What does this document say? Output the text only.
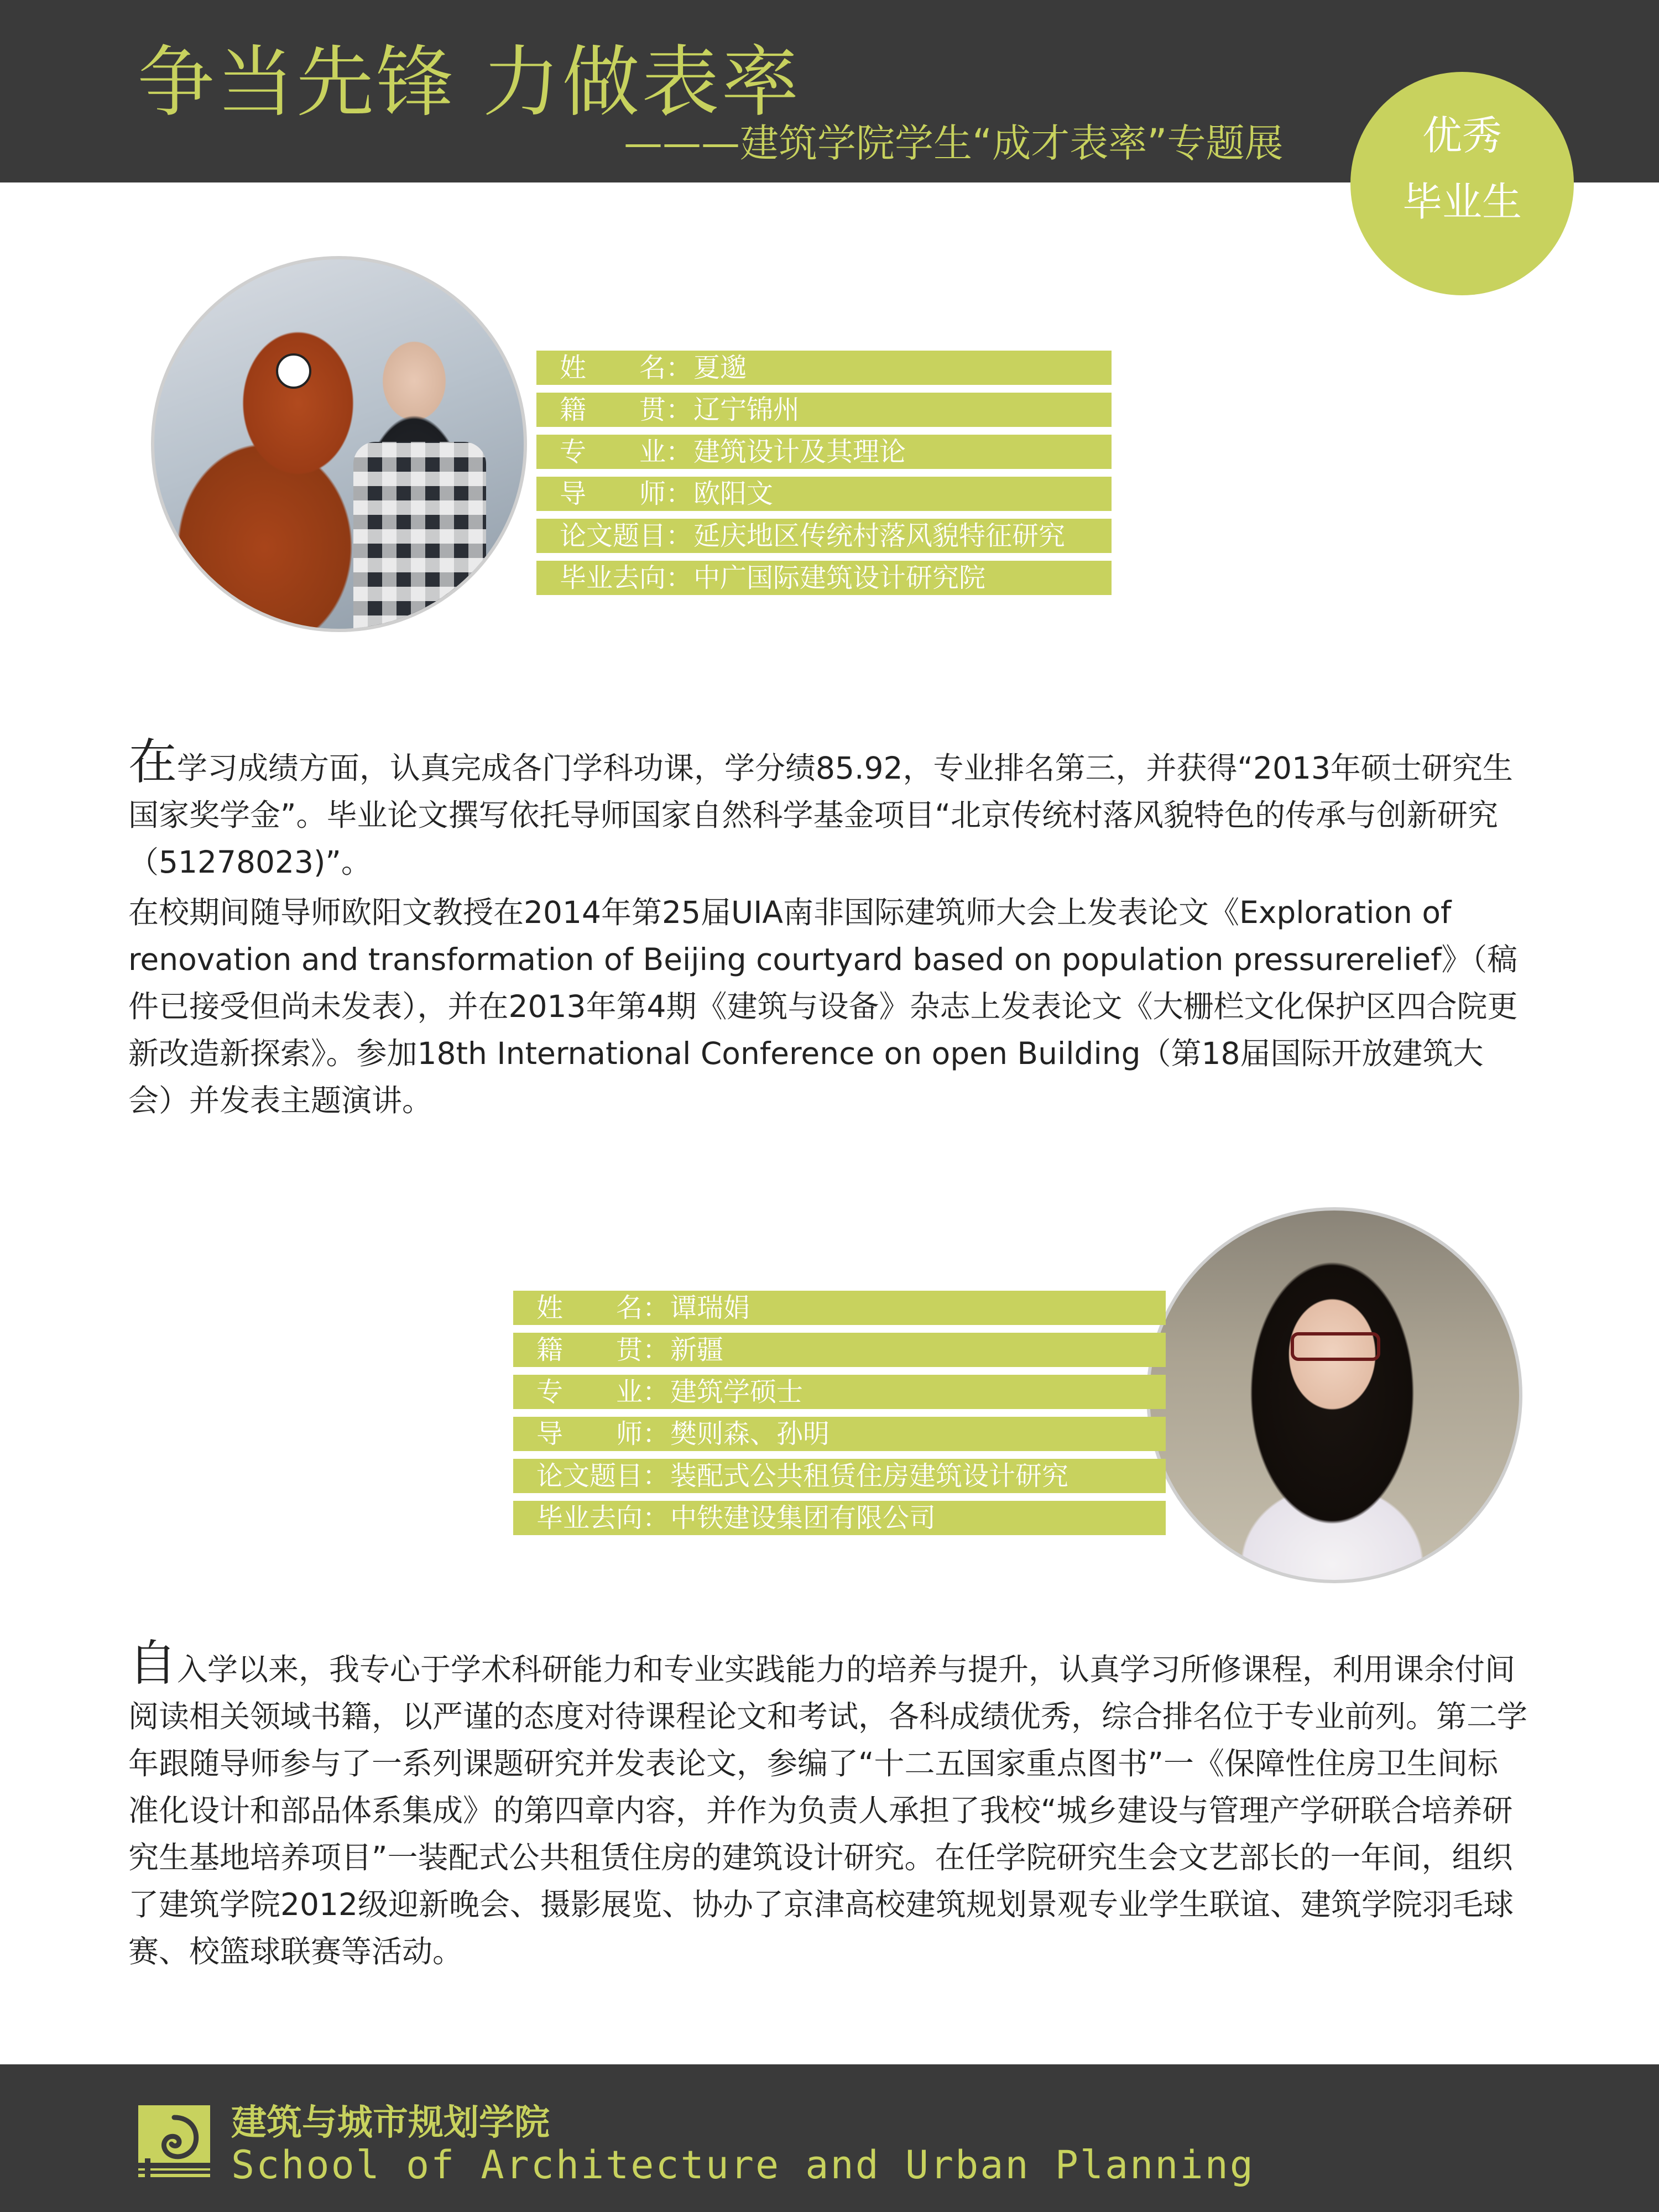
争当先锋 力做表率
———建筑学院学生“成才表率”专题展	优秀
毕业生
姓　　名： 夏邈
籍　　贯： 辽宁锦州
专　　业： 建筑设计及其理论
导　　师： 欧阳文
论文题目： 延庆地区传统村落风貌特征研究
毕业去向： 中广国际建筑设计研究院
在学习成绩方面，认真完成各门学科功课，学分绩85.92，专业排名第三，并获得“2013年硕士研究生国家奖学金”。毕业论文撰写依托导师国家自然科学基金项目“北京传统村落风貌特色的传承与创新研究（51278023)”。
在校期间随导师欧阳文教授在2014年第25届UIA南非国际建筑师大会上发表论文《Exploration of renovation and transformation of Beijing courtyard based on population pressurerelief》（稿件已接受但尚未发表），并在2013年第4期《建筑与设备》杂志上发表论文《大栅栏文化保护区四合院更新改造新探索》。参加18th International Conference on open Building（第18届国际开放建筑大会）并发表主题演讲。
姓　　名： 谭瑞娟
籍　　贯： 新疆
专　　业： 建筑学硕士
导　　师： 樊则森、孙明
论文题目： 装配式公共租赁住房建筑设计研究
毕业去向： 中铁建设集团有限公司
自入学以来，我专心于学术科研能力和专业实践能力的培养与提升，认真学习所修课程，利用课余付间阅读相关领域书籍，以严谨的态度对待课程论文和考试，各科成绩优秀，综合排名位于专业前列。第二学年跟随导师参与了一系列课题研究并发表论文，参编了“十二五国家重点图书”一《保障性住房卫生间标准化设计和部品体系集成》的第四章内容，并作为负责人承担了我校“城乡建设与管理产学研联合培养研究生基地培养项目”一装配式公共租赁住房的建筑设计研究。在任学院研究生会文艺部长的一年间，组织了建筑学院2012级迎新晚会、摄影展览、协办了京津高校建筑规划景观专业学生联谊、建筑学院羽毛球赛、校篮球联赛等活动。
建筑与城市规划学院
School of Architecture and Urban Planning
